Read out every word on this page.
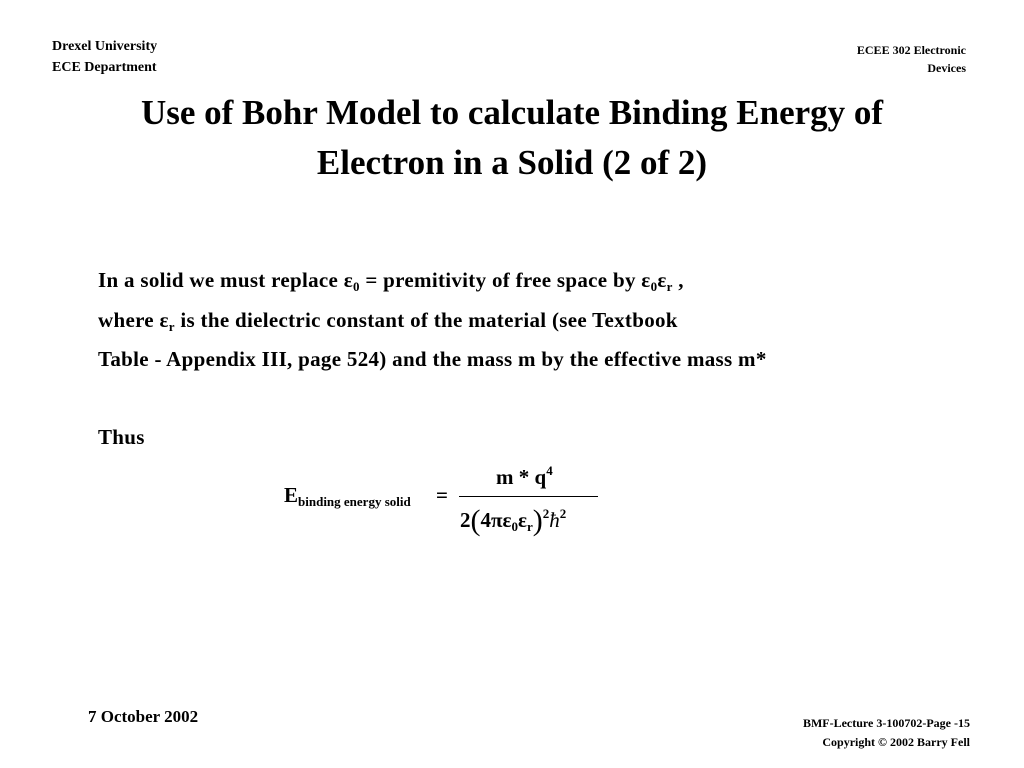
Drexel University
ECE Department
ECEE 302 Electronic
Devices
Use of Bohr Model to calculate Binding Energy of
Electron in a Solid (2 of 2)
In a solid we must replace $\varepsilon_0$ = premitivity of free space by $\varepsilon_0\varepsilon_r$ ,
where $\varepsilon_r$ is the dielectric constant of the material (see Textbook
Table - Appendix III, page 524) and the mass m by the effective mass m*
Thus
$E_{binding energy solid}$ =
m * $q^4$
$2(4\pi\varepsilon_0\varepsilon_r)^2ħ^2$
7 October 2002	BMF-Lecture 3-100702-Page -15
Copyright © 2002 Barry Fell
